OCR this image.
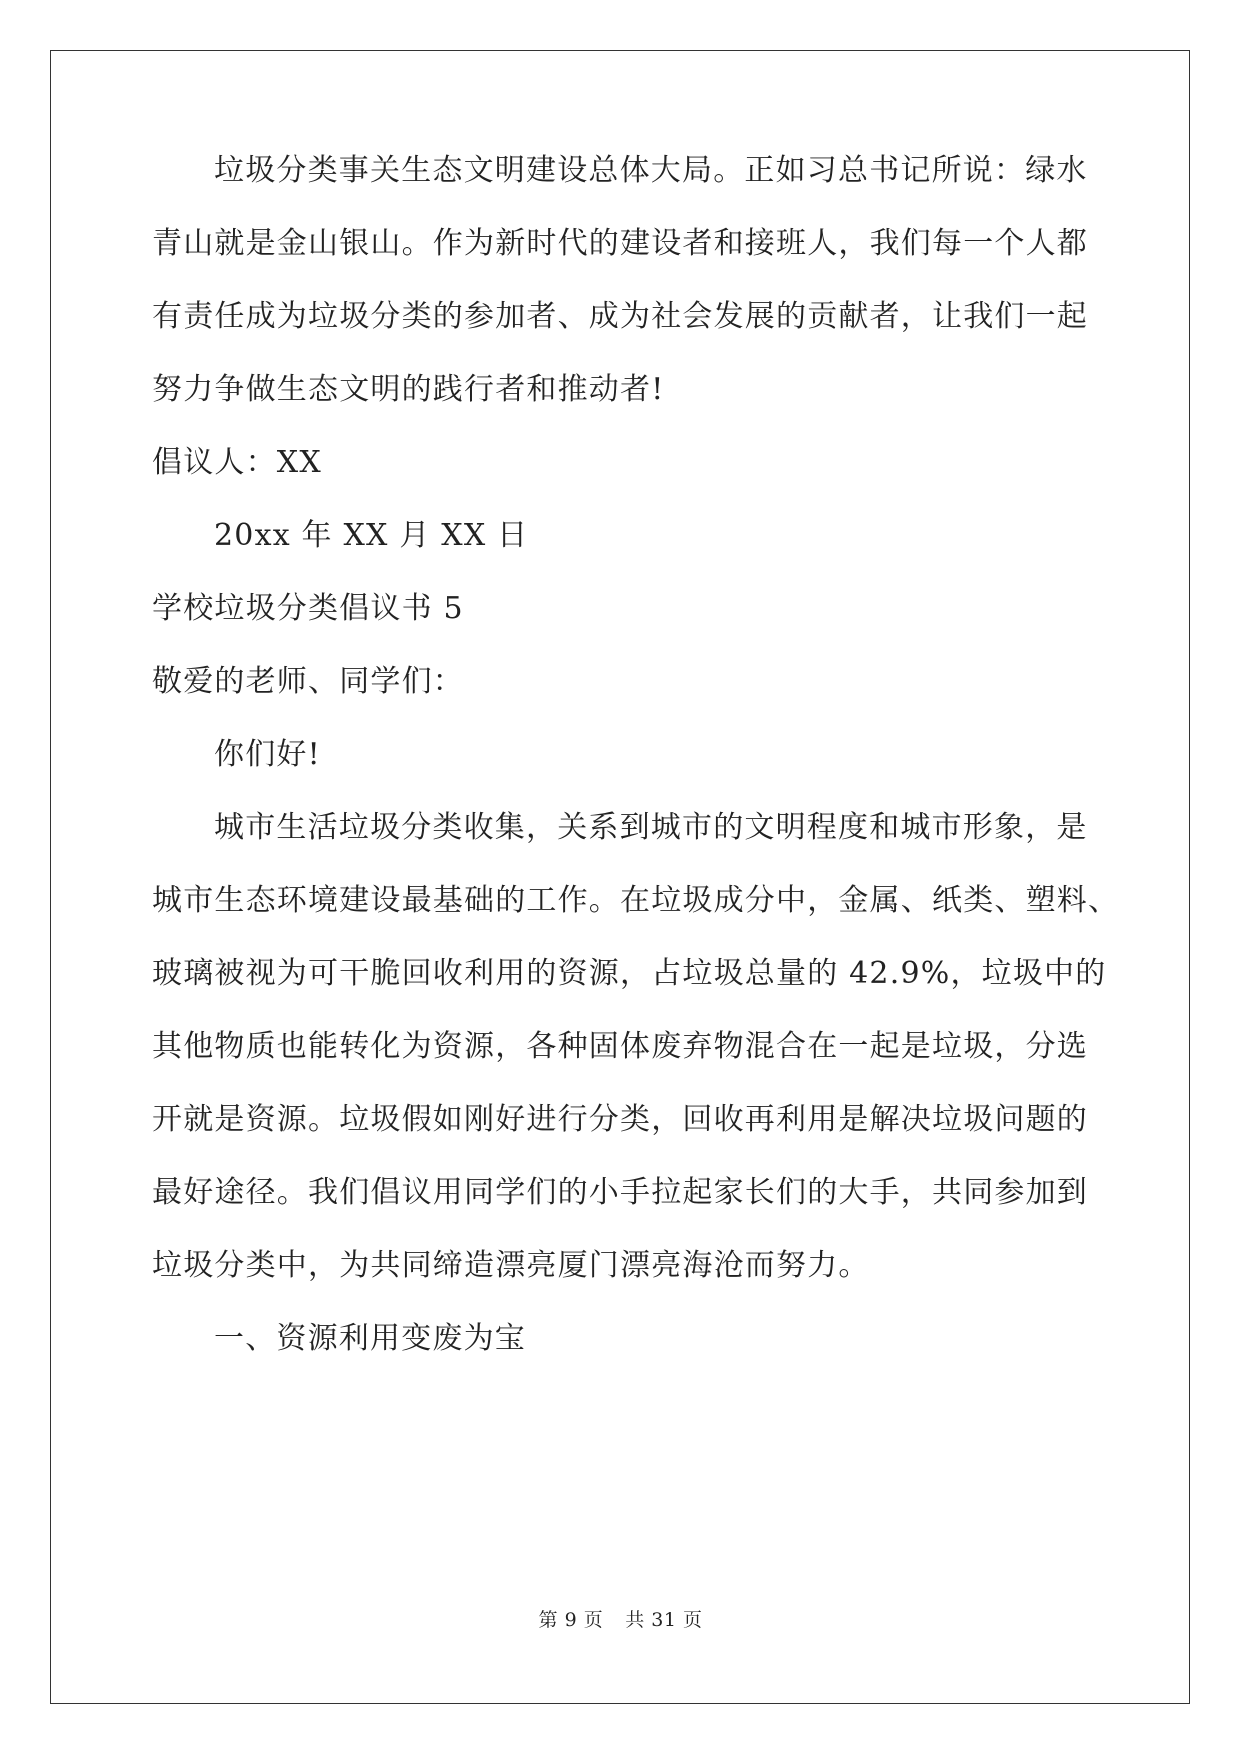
垃圾分类事关生态文明建设总体大局。正如习总书记所说：绿水
青山就是金山银山。作为新时代的建设者和接班人，我们每一个人都
有责任成为垃圾分类的参加者、成为社会发展的贡献者，让我们一起
努力争做生态文明的践行者和推动者!
倡议人：XX
20xx 年 XX 月 XX 日
学校垃圾分类倡议书 5
敬爱的老师、同学们：
你们好!
城市生活垃圾分类收集，关系到城市的文明程度和城市形象，是
城市生态环境建设最基础的工作。在垃圾成分中，金属、纸类、塑料、
玻璃被视为可干脆回收利用的资源，占垃圾总量的 42.9%，垃圾中的
其他物质也能转化为资源，各种固体废弃物混合在一起是垃圾，分选
开就是资源。垃圾假如刚好进行分类，回收再利用是解决垃圾问题的
最好途径。我们倡议用同学们的小手拉起家长们的大手，共同参加到
垃圾分类中，为共同缔造漂亮厦门漂亮海沧而努力。
一、资源利用变废为宝
第 9 页 共 31 页
